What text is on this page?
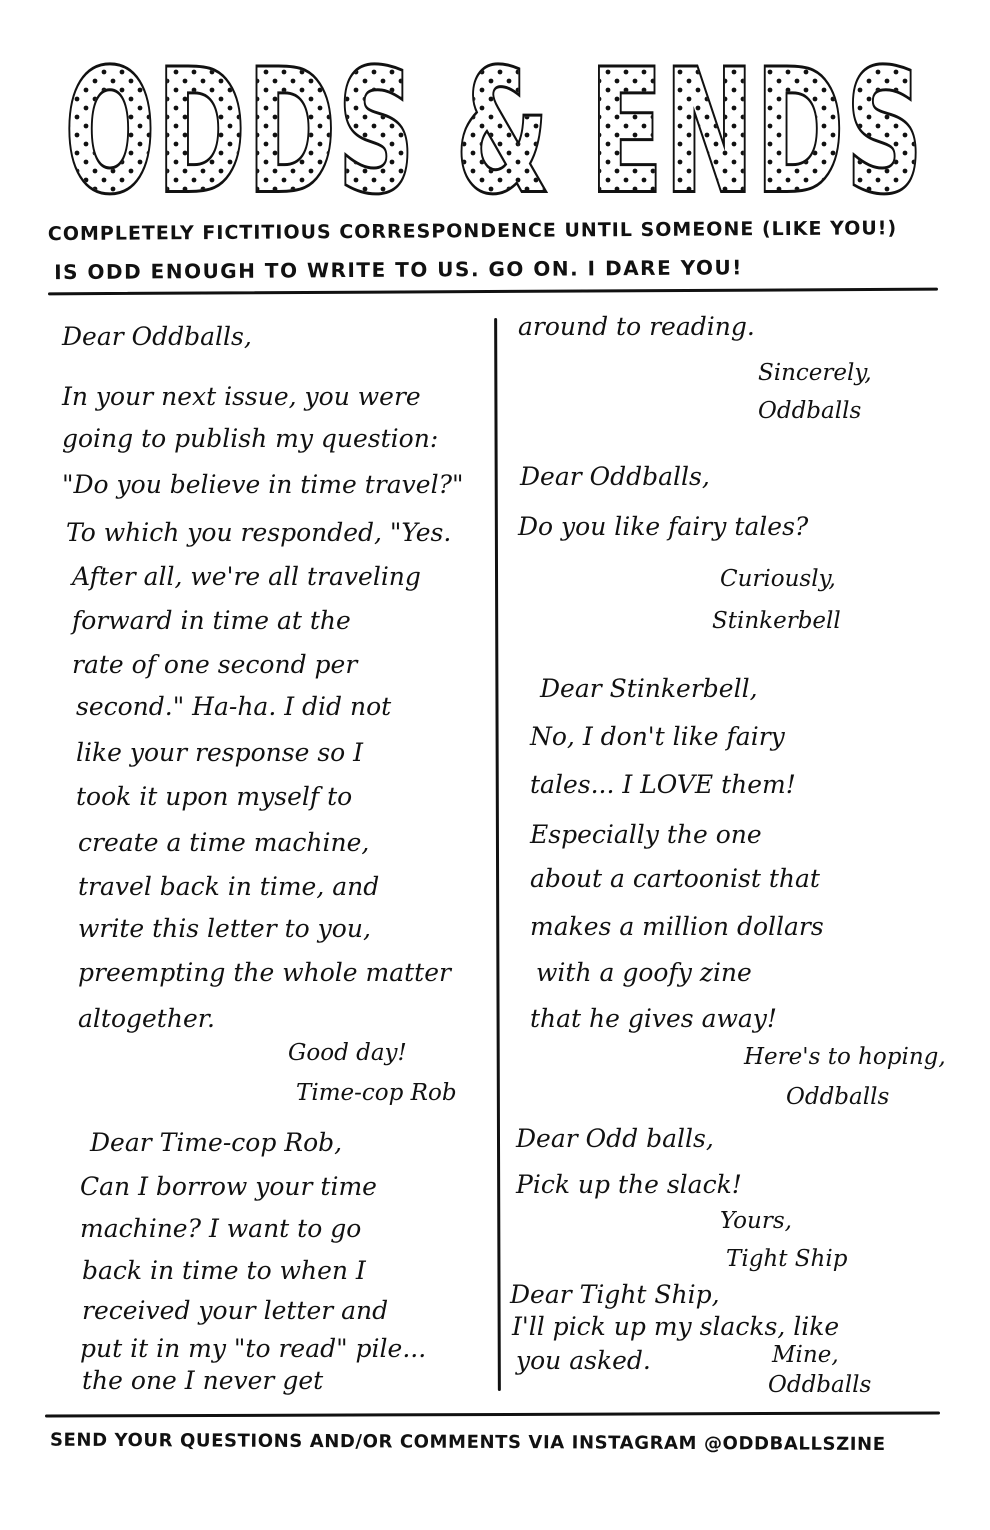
ODDS & ENDS
ODDS & ENDS
COMPLETELY FICTITIOUS CORRESPONDENCE UNTIL SOMEONE (LIKE YOU!)
IS ODD ENOUGH TO WRITE TO US. GO ON. I DARE YOU!
Dear Oddballs,
In your next issue, you were
going to publish my question:
"Do you believe in time travel?"
To which you responded, "Yes.
After all, we're all traveling
forward in time at the
rate of one second per
second." Ha-ha. I did not
like your response so I
took it upon myself to
create a time machine,
travel back in time, and
write this letter to you,
preempting the whole matter
altogether.
Good day!
Time-cop Rob
Dear Time-cop Rob,
Can I borrow your time
machine? I want to go
back in time to when I
received your letter and
put it in my "to read" pile...
the one I never get
around to reading.
Sincerely,
Oddballs
Dear Oddballs,
Do you like fairy tales?
Curiously,
Stinkerbell
Dear Stinkerbell,
No, I don't like fairy
tales... I LOVE them!
Especially the one
about a cartoonist that
makes a million dollars
with a goofy zine
that he gives away!
Here's to hoping,
Oddballs
Dear Odd balls,
Pick up the slack!
Yours,
Tight Ship
Dear Tight Ship,
I'll pick up my slacks, like
you asked.	Mine,
Oddballs
SEND YOUR QUESTIONS AND/OR COMMENTS VIA INSTAGRAM @ODDBALLSZINE
